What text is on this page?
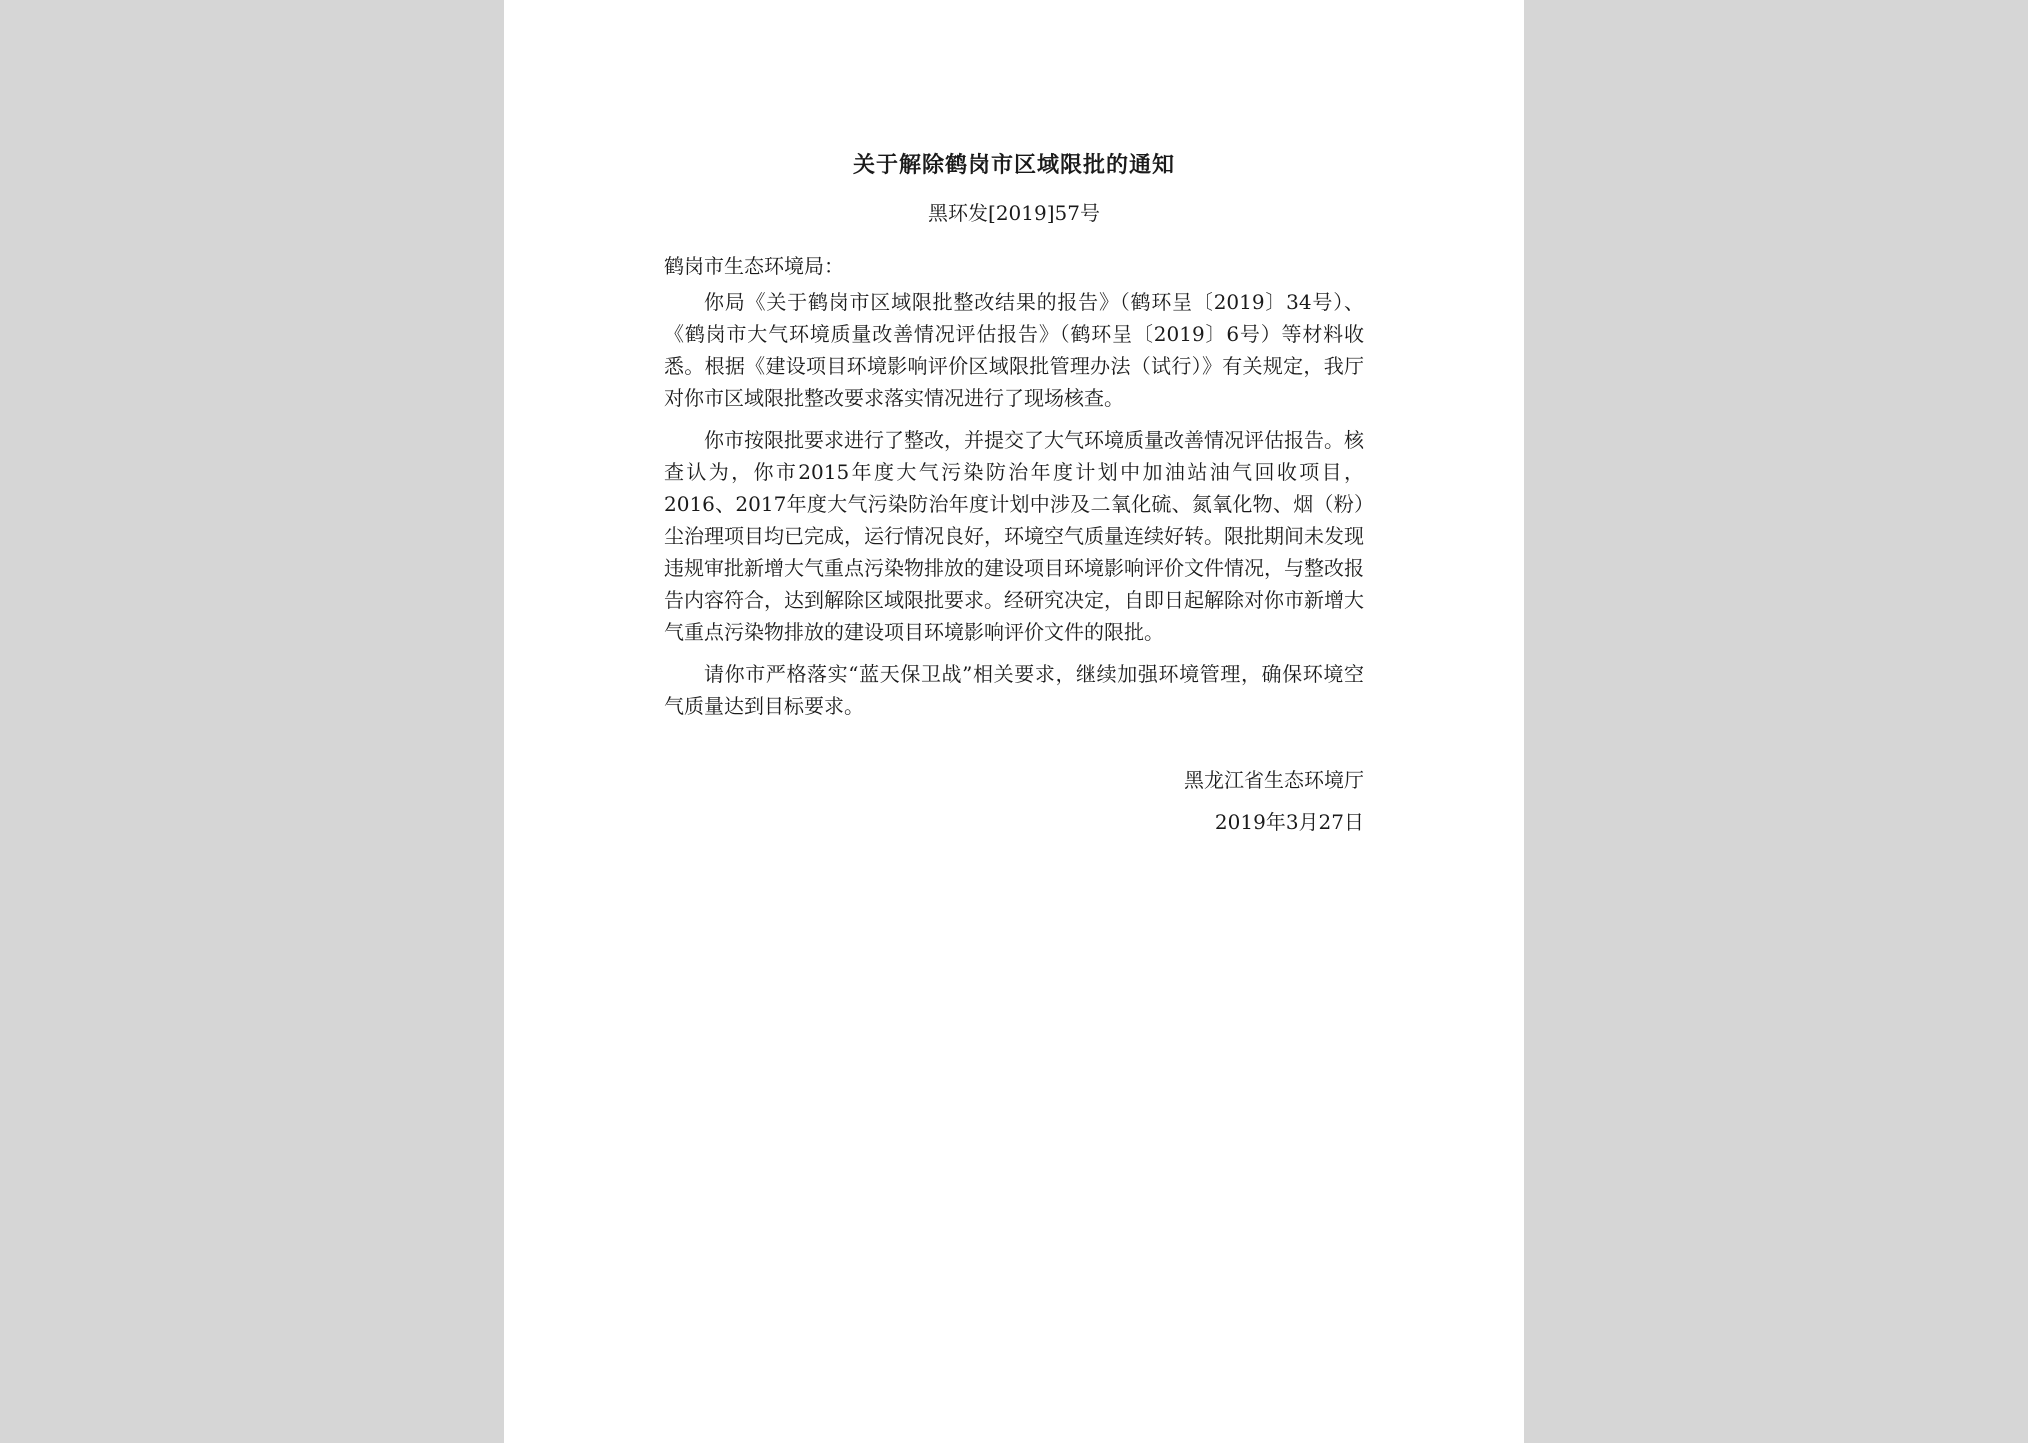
关于解除鹤岗市区域限批的通知

黑环发[2019]57号

鹤岗市生态环境局：

你局《关于鹤岗市区域限批整改结果的报告》（鹤环呈〔2019〕34号）、《鹤岗市大气环境质量改善情况评估报告》（鹤环呈〔2019〕6号）等材料收悉。根据《建设项目环境影响评价区域限批管理办法（试行）》有关规定，我厅对你市区域限批整改要求落实情况进行了现场核查。

你市按限批要求进行了整改，并提交了大气环境质量改善情况评估报告。核查认为，你市2015年度大气污染防治年度计划中加油站油气回收项目，2016、2017年度大气污染防治年度计划中涉及二氧化硫、氮氧化物、烟（粉）尘治理项目均已完成，运行情况良好，环境空气质量连续好转。限批期间未发现违规审批新增大气重点污染物排放的建设项目环境影响评价文件情况，与整改报告内容符合，达到解除区域限批要求。经研究决定，自即日起解除对你市新增大气重点污染物排放的建设项目环境影响评价文件的限批。

请你市严格落实“蓝天保卫战”相关要求，继续加强环境管理，确保环境空气质量达到目标要求。

黑龙江省生态环境厅

2019年3月27日
